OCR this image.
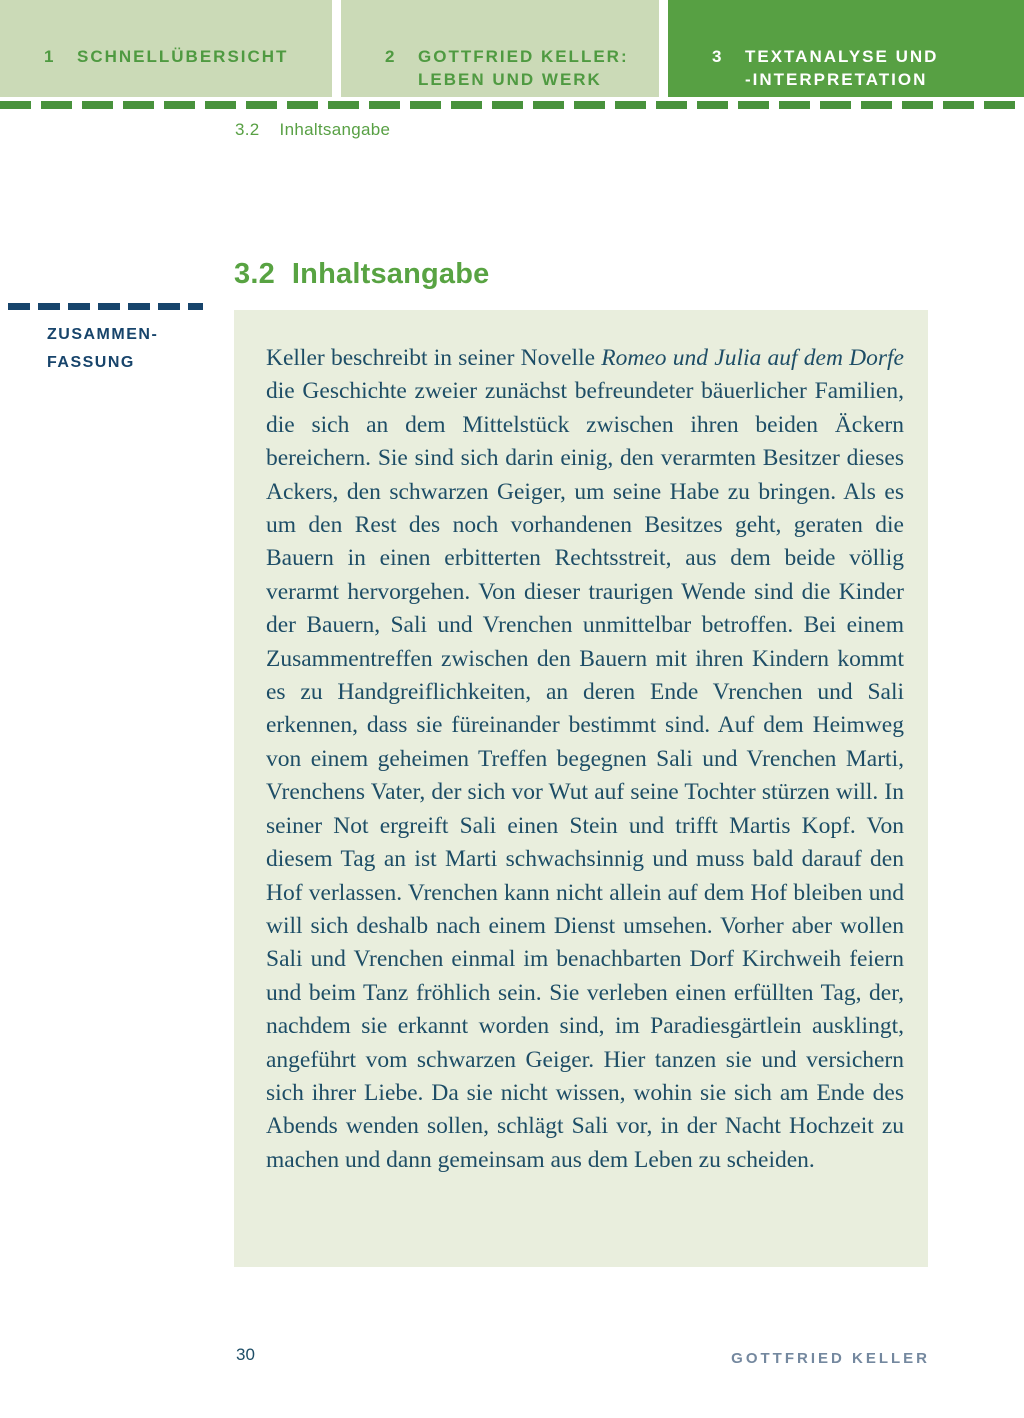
1	SCHNELLÜBERSICHT	2	GOTTFRIED KELLER:
LEBEN UND WERK
3	TEXTANALYSE UND
-INTERPRETATION
3.2 Inhaltsangabe
3.2 Inhaltsangabe
ZUSAMMEN-
FASSUNG	Keller beschreibt in seiner Novelle Romeo und Julia auf dem Dorfe die Geschichte zweier zunächst befreundeter bäuerlicher Familien, die sich an dem Mittelstück zwischen ihren beiden Äckern bereichern. Sie sind sich darin einig, den verarmten Besitzer dieses Ackers, den schwarzen Geiger, um seine Habe zu bringen. Als es um den Rest des noch vorhandenen Besitzes geht, geraten die Bauern in einen erbitterten Rechtsstreit, aus dem beide völlig verarmt hervorgehen. Von dieser traurigen Wende sind die Kinder der Bauern, Sali und Vrenchen unmittelbar betroffen. Bei einem Zusammentreffen zwischen den Bauern mit ihren Kindern kommt es zu Handgreiflichkeiten, an deren Ende Vrenchen und Sali erkennen, dass sie füreinander bestimmt sind. Auf dem Heimweg von einem geheimen Treffen begegnen Sali und Vrenchen Marti, Vrenchens Vater, der sich vor Wut auf seine Tochter stürzen will. In seiner Not ergreift Sali einen Stein und trifft Martis Kopf. Von diesem Tag an ist Marti schwachsinnig und muss bald darauf den Hof verlassen. Vrenchen kann nicht allein auf dem Hof bleiben und will sich deshalb nach einem Dienst umsehen. Vorher aber wollen Sali und Vrenchen einmal im benachbarten Dorf Kirchweih feiern und beim Tanz fröhlich sein. Sie verleben einen erfüllten Tag, der, nachdem sie erkannt worden sind, im Paradiesgärtlein ausklingt, angeführt vom schwarzen Geiger. Hier tanzen sie und versichern sich ihrer Liebe. Da sie nicht wissen, wohin sie sich am Ende des Abends wenden sollen, schlägt Sali vor, in der Nacht Hochzeit zu machen und dann gemeinsam aus dem Leben zu scheiden.

30	GOTTFRIED KELLER
